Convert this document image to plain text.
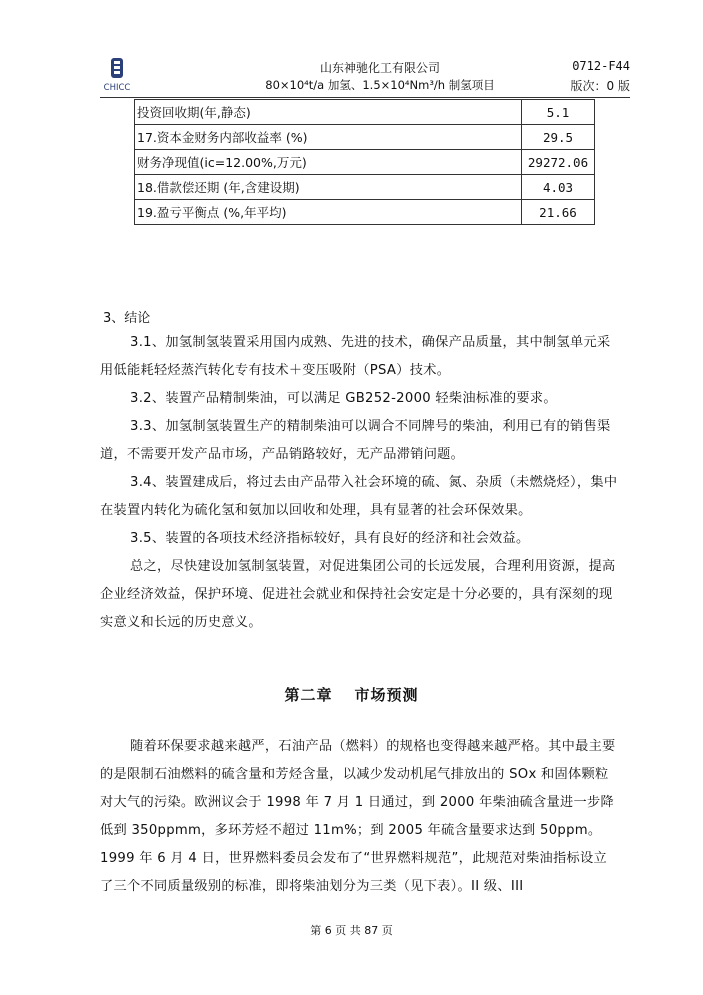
CHICC
山东神驰化工有限公司
80×10⁴t/a 加氢、1.5×10⁴Nm³/h 制氢项目
0712-F44
版次：0 版
投资回收期(年,静态)	5.1
17.资本金财务内部收益率 (%)	29.5
财务净现值(ic=12.00%,万元)	29272.06
18.借款偿还期 (年,含建设期)	4.03
19.盈亏平衡点 (%,年平均)	21.66
3、结论
3.1、加氢制氢装置采用国内成熟、先进的技术，确保产品质量，其中制氢单元采用低能耗轻烃蒸汽转化专有技术＋变压吸附（PSA）技术。
3.2、装置产品精制柴油，可以满足 GB252-2000 轻柴油标准的要求。
3.3、加氢制氢装置生产的精制柴油可以调合不同牌号的柴油，利用已有的销售渠道，不需要开发产品市场，产品销路较好，无产品滞销问题。
3.4、装置建成后，将过去由产品带入社会环境的硫、氮、杂质（未燃烧烃），集中在装置内转化为硫化氢和氨加以回收和处理，具有显著的社会环保效果。
3.5、装置的各项技术经济指标较好，具有良好的经济和社会效益。
总之，尽快建设加氢制氢装置，对促进集团公司的长远发展，合理利用资源，提高企业经济效益，保护环境、促进社会就业和保持社会安定是十分必要的，具有深刻的现实意义和长远的历史意义。
第二章 市场预测
随着环保要求越来越严，石油产品（燃料）的规格也变得越来越严格。其中最主要的是限制石油燃料的硫含量和芳烃含量，以减少发动机尾气排放出的 SOx 和固体颗粒对大气的污染。欧洲议会于 1998 年 7 月 1 日通过，到 2000 年柴油硫含量进一步降低到 350ppmm，多环芳烃不超过 11m%；到 2005 年硫含量要求达到 50ppm。1999 年 6 月 4 日，世界燃料委员会发布了“世界燃料规范”，此规范对柴油指标设立了三个不同质量级别的标准，即将柴油划分为三类（见下表）。II 级、III
第 6 页 共 87 页
